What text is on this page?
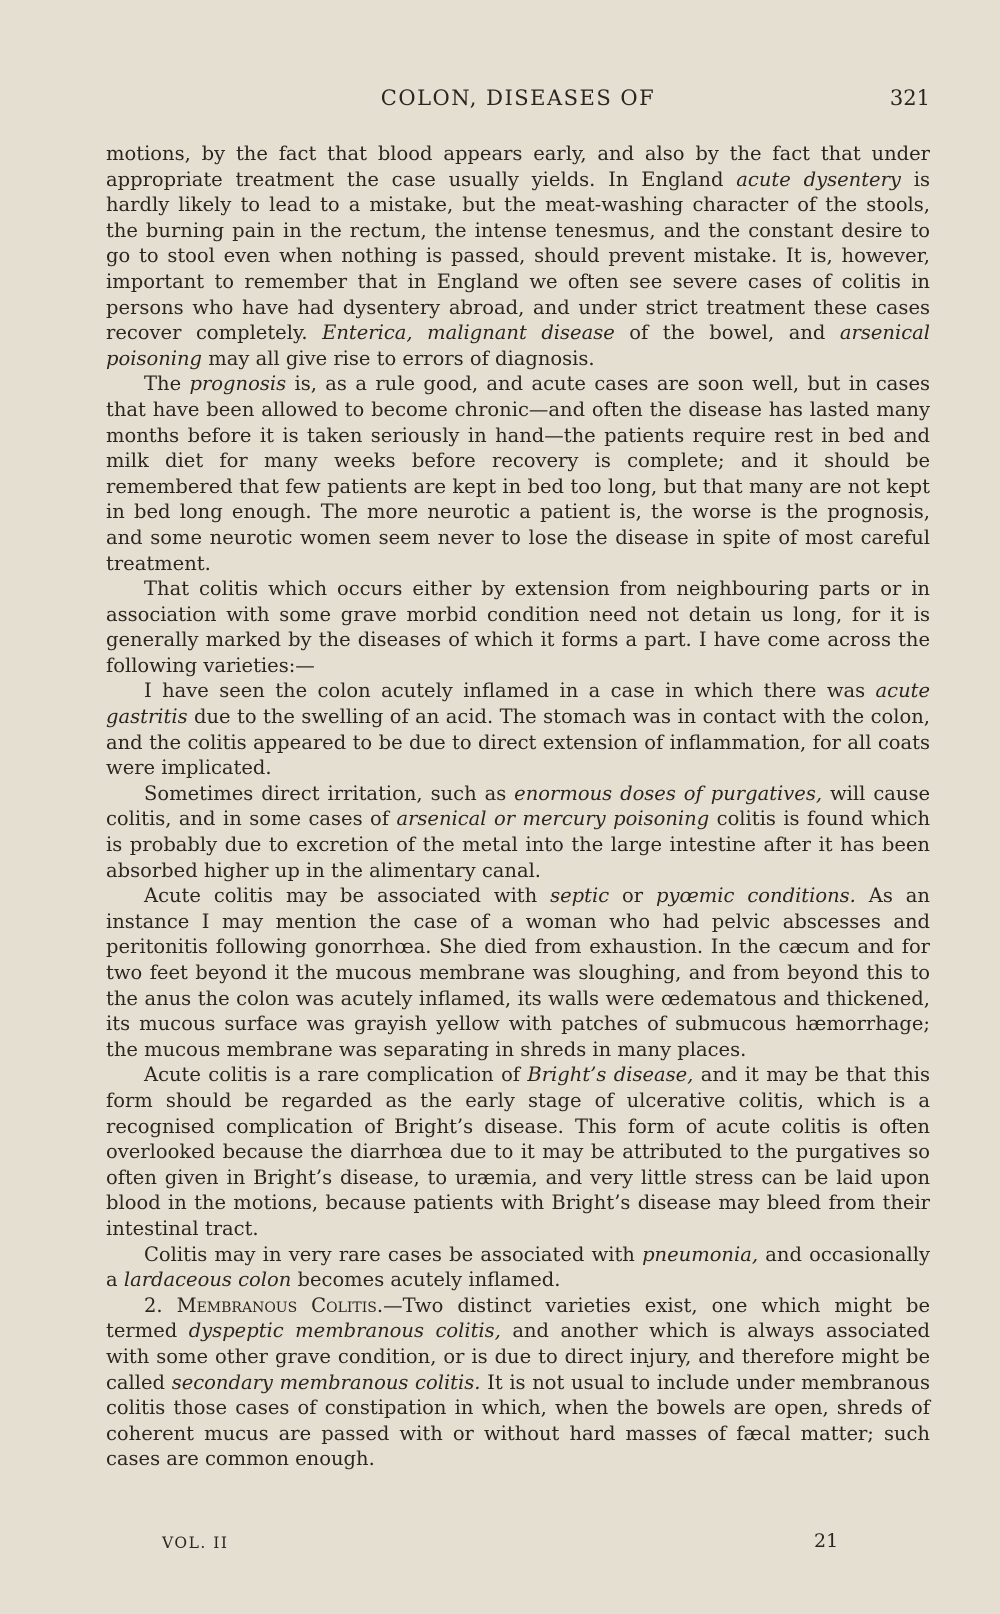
COLON, DISEASES OF	321

motions, by the fact that blood appears early, and also by the fact that under appropriate treatment the case usually yields. In England acute dysentery is hardly likely to lead to a mistake, but the meat-washing character of the stools, the burning pain in the rectum, the intense tenesmus, and the constant desire to go to stool even when nothing is passed, should prevent mistake. It is, however, important to remember that in England we often see severe cases of colitis in persons who have had dysentery abroad, and under strict treatment these cases recover completely. Enterica, malignant disease of the bowel, and arsenical poisoning may all give rise to errors of diagnosis.

The prognosis is, as a rule good, and acute cases are soon well, but in cases that have been allowed to become chronic—and often the disease has lasted many months before it is taken seriously in hand—the patients require rest in bed and milk diet for many weeks before recovery is complete; and it should be remembered that few patients are kept in bed too long, but that many are not kept in bed long enough. The more neurotic a patient is, the worse is the prognosis, and some neurotic women seem never to lose the disease in spite of most careful treatment.

That colitis which occurs either by extension from neighbouring parts or in association with some grave morbid condition need not detain us long, for it is generally marked by the diseases of which it forms a part. I have come across the following varieties:—

I have seen the colon acutely inflamed in a case in which there was acute gastritis due to the swelling of an acid. The stomach was in contact with the colon, and the colitis appeared to be due to direct extension of inflammation, for all coats were implicated.

Sometimes direct irritation, such as enormous doses of purgatives, will cause colitis, and in some cases of arsenical or mercury poisoning colitis is found which is probably due to excretion of the metal into the large intestine after it has been absorbed higher up in the alimentary canal.

Acute colitis may be associated with septic or pyœmic conditions. As an instance I may mention the case of a woman who had pelvic abscesses and peritonitis following gonorrhœa. She died from exhaustion. In the cæcum and for two feet beyond it the mucous membrane was sloughing, and from beyond this to the anus the colon was acutely inflamed, its walls were œdematous and thickened, its mucous surface was grayish yellow with patches of submucous hæmorrhage; the mucous membrane was separating in shreds in many places.

Acute colitis is a rare complication of Bright’s disease, and it may be that this form should be regarded as the early stage of ulcerative colitis, which is a recognised complication of Bright’s disease. This form of acute colitis is often overlooked because the diarrhœa due to it may be attributed to the purgatives so often given in Bright’s disease, to uræmia, and very little stress can be laid upon blood in the motions, because patients with Bright’s disease may bleed from their intestinal tract.

Colitis may in very rare cases be associated with pneumonia, and occasionally a lardaceous colon becomes acutely inflamed.

2. Membranous Colitis.—Two distinct varieties exist, one which might be termed dyspeptic membranous colitis, and another which is always associated with some other grave condition, or is due to direct injury, and therefore might be called secondary membranous colitis. It is not usual to include under membranous colitis those cases of constipation in which, when the bowels are open, shreds of coherent mucus are passed with or without hard masses of fæcal matter; such cases are common enough.

VOL. II	21
